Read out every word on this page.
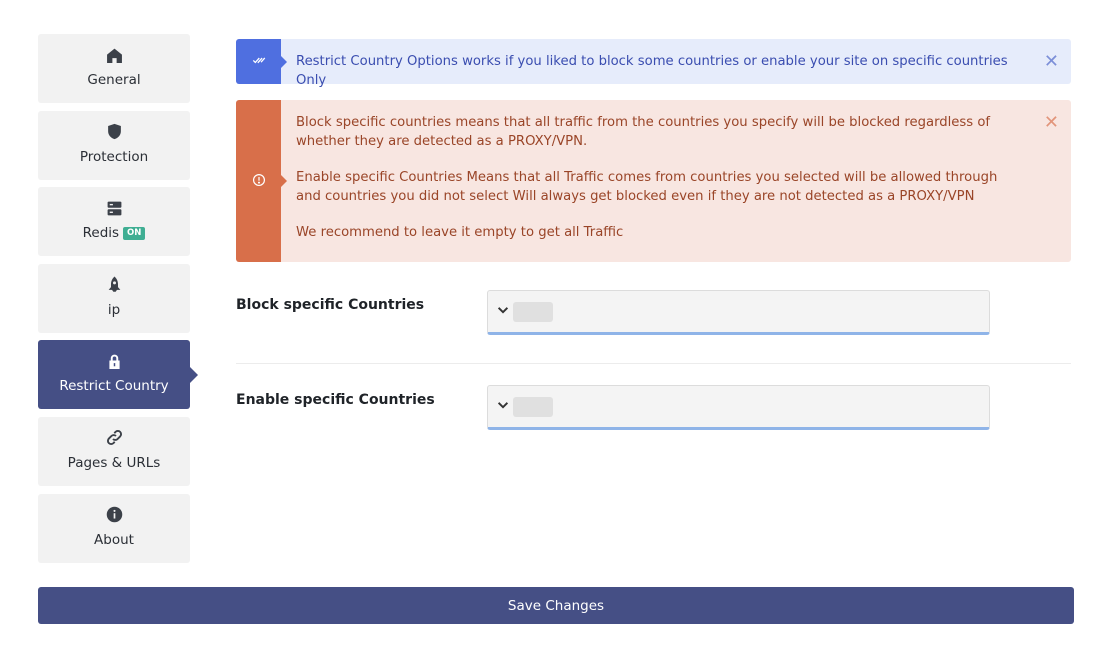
General
Protection
Redis ON
ip
Restrict Country
Pages & URLs
About
Restrict Country Options works if you liked to block some countries or enable your site on specific countries Only
✕

Block specific countries means that all traffic from the countries you specify will be blocked regardless of whether they are detected as a PROXY/VPN.

Enable specific Countries Means that all Traffic comes from countries you selected will be allowed through and countries you did not select Will always get blocked even if they are not detected as a PROXY/VPN

We recommend to leave it empty to get all Traffic

✕
Block specific Countries
Enable specific Countries
Save Changes
